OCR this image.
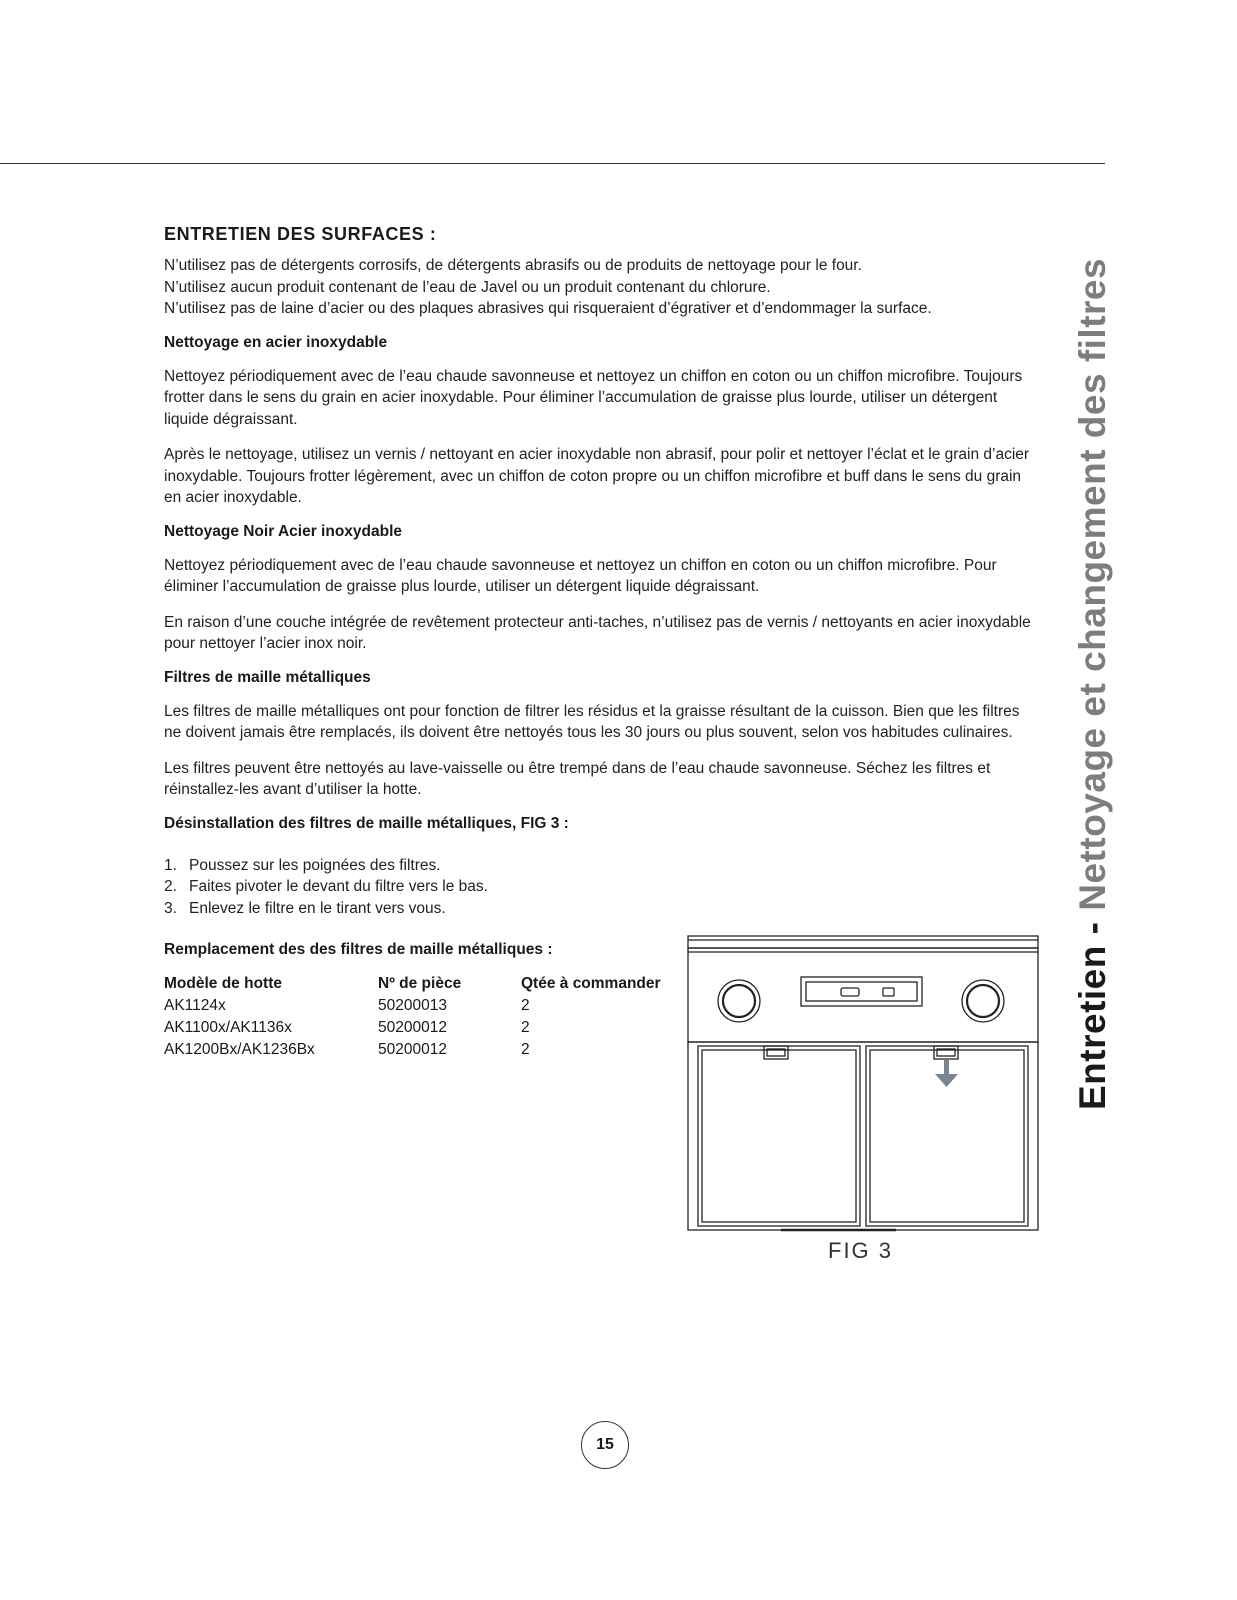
Entretien - Nettoyage et changement des filtres
ENTRETIEN DES SURFACES :

N’utilisez pas de détergents corrosifs, de détergents abrasifs ou de produits de nettoyage pour le four.

N’utilisez aucun produit contenant de l’eau de Javel ou un produit contenant du chlorure.

N’utilisez pas de laine d’acier ou des plaques abrasives qui risqueraient d’égrativer et d’endommager la surface.

Nettoyage en acier inoxydable

Nettoyez périodiquement avec de l’eau chaude savonneuse et nettoyez un chiffon en coton ou un chiffon microfibre. Toujours frotter dans le sens du grain en acier inoxydable. Pour éliminer l’accumulation de graisse plus lourde, utiliser un détergent liquide dégraissant.

Après le nettoyage, utilisez un vernis / nettoyant en acier inoxydable non abrasif, pour polir et nettoyer l’éclat et le grain d’acier inoxydable. Toujours frotter légèrement, avec un chiffon de coton propre ou un chiffon microfibre et buff dans le sens du grain en acier inoxydable.

Nettoyage Noir Acier inoxydable

Nettoyez périodiquement avec de l’eau chaude savonneuse et nettoyez un chiffon en coton ou un chiffon microfibre. Pour éliminer l’accumulation de graisse plus lourde, utiliser un détergent liquide dégraissant.

En raison d’une couche intégrée de revêtement protecteur anti-taches, n’utilisez pas de vernis / nettoyants en acier inoxydable pour nettoyer l’acier inox noir.

Filtres de maille métalliques

Les filtres de maille métalliques ont pour fonction de filtrer les résidus et la graisse résultant de la cuisson. Bien que les filtres ne doivent jamais être remplacés, ils doivent être nettoyés tous les 30 jours ou plus souvent, selon vos habitudes culinaires.

Les filtres peuvent être nettoyés au lave-vaisselle ou être trempé dans de l’eau chaude savonneuse. Séchez les filtres et réinstallez-les avant d’utiliser la hotte.

Désinstallation des filtres de maille métalliques, FIG 3 :
1. Poussez sur les poignées des filtres.
2. Faites pivoter le devant du filtre vers le bas.
3. Enlevez le filtre en le tirant vers vous.
Remplacement des des filtres de maille métalliques :
Modèle de hotte	Nº de pièce	Qtée à commander
AK1124x	50200013	2
AK1100x/AK1136x	50200012	2
AK1200Bx/AK1236Bx	50200012	2
FIG 3
15
